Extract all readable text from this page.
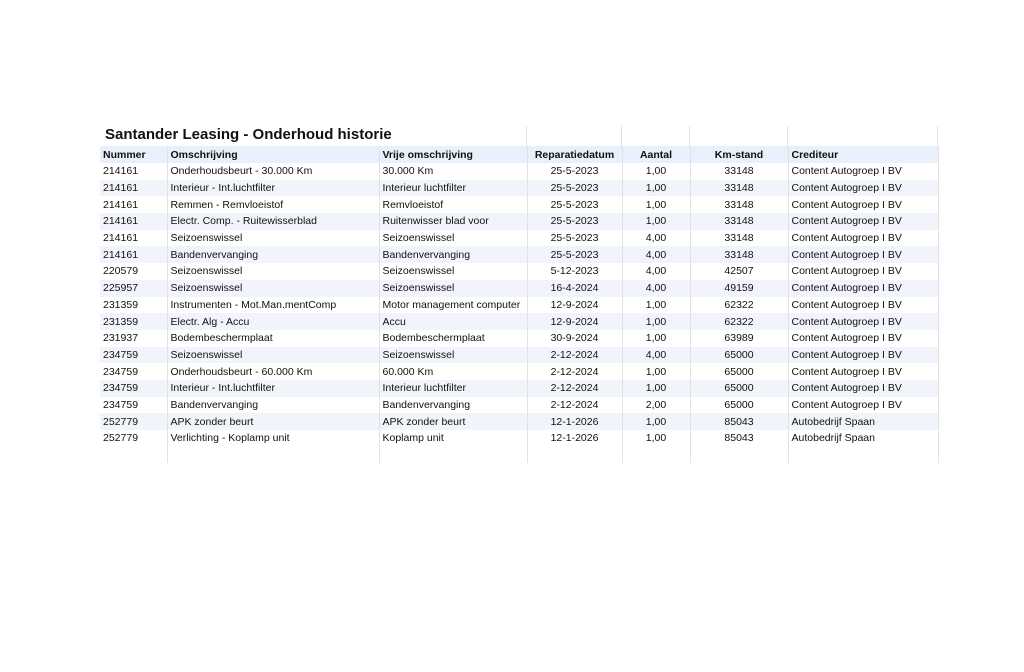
Santander Leasing - Onderhoud historie
Nummer	Omschrijving	Vrije omschrijving	Reparatiedatum	Aantal	Km-stand	Crediteur
214161	Onderhoudsbeurt - 30.000 Km	30.000 Km	25-5-2023	1,00	33148	Content Autogroep I BV
214161	Interieur - Int.luchtfilter	Interieur luchtfilter	25-5-2023	1,00	33148	Content Autogroep I BV
214161	Remmen - Remvloeistof	Remvloeistof	25-5-2023	1,00	33148	Content Autogroep I BV
214161	Electr. Comp. - Ruitewisserblad	Ruitenwisser blad voor	25-5-2023	1,00	33148	Content Autogroep I BV
214161	Seizoenswissel	Seizoenswissel	25-5-2023	4,00	33148	Content Autogroep I BV
214161	Bandenvervanging	Bandenvervanging	25-5-2023	4,00	33148	Content Autogroep I BV
220579	Seizoenswissel	Seizoenswissel	5-12-2023	4,00	42507	Content Autogroep I BV
225957	Seizoenswissel	Seizoenswissel	16-4-2024	4,00	49159	Content Autogroep I BV
231359	Instrumenten - Mot.Man.mentComp	Motor management computer	12-9-2024	1,00	62322	Content Autogroep I BV
231359	Electr. Alg - Accu	Accu	12-9-2024	1,00	62322	Content Autogroep I BV
231937	Bodembeschermplaat	Bodembeschermplaat	30-9-2024	1,00	63989	Content Autogroep I BV
234759	Seizoenswissel	Seizoenswissel	2-12-2024	4,00	65000	Content Autogroep I BV
234759	Onderhoudsbeurt - 60.000 Km	60.000 Km	2-12-2024	1,00	65000	Content Autogroep I BV
234759	Interieur - Int.luchtfilter	Interieur luchtfilter	2-12-2024	1,00	65000	Content Autogroep I BV
234759	Bandenvervanging	Bandenvervanging	2-12-2024	2,00	65000	Content Autogroep I BV
252779	APK zonder beurt	APK zonder beurt	12-1-2026	1,00	85043	Autobedrijf Spaan
252779	Verlichting - Koplamp unit	Koplamp unit	12-1-2026	1,00	85043	Autobedrijf Spaan
